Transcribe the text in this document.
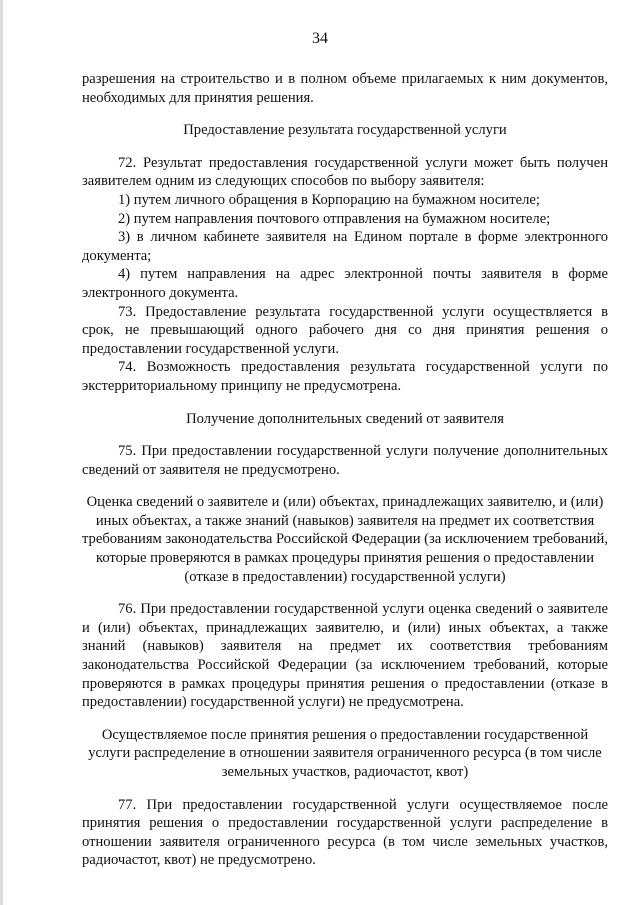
34

разрешения на строительство и в полном объеме прилагаемых к ним документов, необходимых для принятия решения.

Предоставление результата государственной услуги

72. Результат предоставления государственной услуги может быть получен заявителем одним из следующих способов по выбору заявителя:

1) путем личного обращения в Корпорацию на бумажном носителе;

2) путем направления почтового отправления на бумажном носителе;

3) в личном кабинете заявителя на Едином портале в форме электронного документа;

4) путем направления на адрес электронной почты заявителя в форме электронного документа.

73. Предоставление результата государственной услуги осуществляется в срок, не превышающий одного рабочего дня со дня принятия решения о предоставлении государственной услуги.

74. Возможность предоставления результата государственной услуги по экстерриториальному принципу не предусмотрена.

Получение дополнительных сведений от заявителя

75. При предоставлении государственной услуги получение дополнительных сведений от заявителя не предусмотрено.

Оценка сведений о заявителе и (или) объектах, принадлежащих заявителю, и (или) иных объектах, а также знаний (навыков) заявителя на предмет их соответствия требованиям законодательства Российской Федерации (за исключением требований, которые проверяются в рамках процедуры принятия решения о предоставлении (отказе в предоставлении) государственной услуги)

76. При предоставлении государственной услуги оценка сведений о заявителе и (или) объектах, принадлежащих заявителю, и (или) иных объектах, а также знаний (навыков) заявителя на предмет их соответствия требованиям законодательства Российской Федерации (за исключением требований, которые проверяются в рамках процедуры принятия решения о предоставлении (отказе в предоставлении) государственной услуги) не предусмотрена.

Осуществляемое после принятия решения о предоставлении государственной услуги распределение в отношении заявителя ограниченного ресурса (в том числе земельных участков, радиочастот, квот)

77. При предоставлении государственной услуги осуществляемое после принятия решения о предоставлении государственной услуги распределение в отношении заявителя ограниченного ресурса (в том числе земельных участков, радиочастот, квот) не предусмотрено.
